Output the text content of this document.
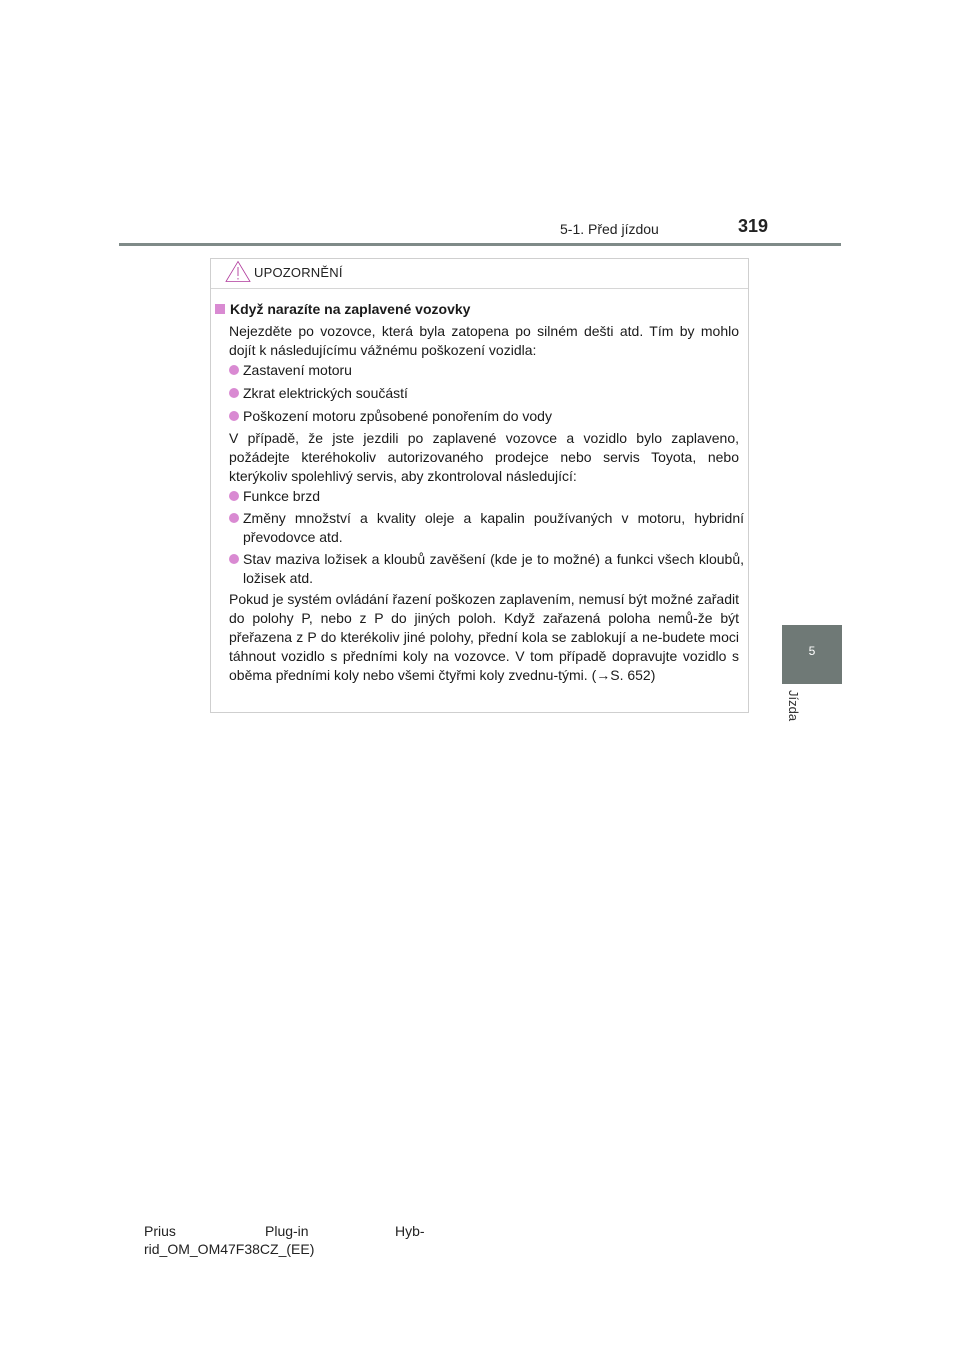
5-1. Před jízdou	319
5
Jízda
UPOZORNĚNÍ
Když narazíte na zaplavené vozovky
Nejezděte po vozovce, která byla zatopena po silném dešti atd. Tím by mohlo dojít k následujícímu vážnému poškození vozidla:
Zastavení motoru
Zkrat elektrických součástí
Poškození motoru způsobené ponořením do vody
V případě, že jste jezdili po zaplavené vozovce a vozidlo bylo zaplaveno, požádejte kteréhokoliv autorizovaného prodejce nebo servis Toyota, nebo kterýkoliv spolehlivý servis, aby zkontroloval následující:
Funkce brzd
Změny množství a kvality oleje a kapalin používaných v motoru, hybridní převodovce atd.
Stav maziva ložisek a kloubů zavěšení (kde je to možné) a funkci všech kloubů, ložisek atd.
Pokud je systém ovládání řazení poškozen zaplavením, nemusí být možné zařadit do polohy P, nebo z P do jiných poloh. Když zařazená poloha nemů-že být přeřazena z P do kterékoliv jiné polohy, přední kola se zablokují a ne-budete moci táhnout vozidlo s předními koly na vozovce. V tom případě dopravujte vozidlo s oběma předními koly nebo všemi čtyřmi koly zvednu-tými. (→S. 652)
Prius	Plug-in	Hyb-
rid_OM_OM47F38CZ_(EE)
